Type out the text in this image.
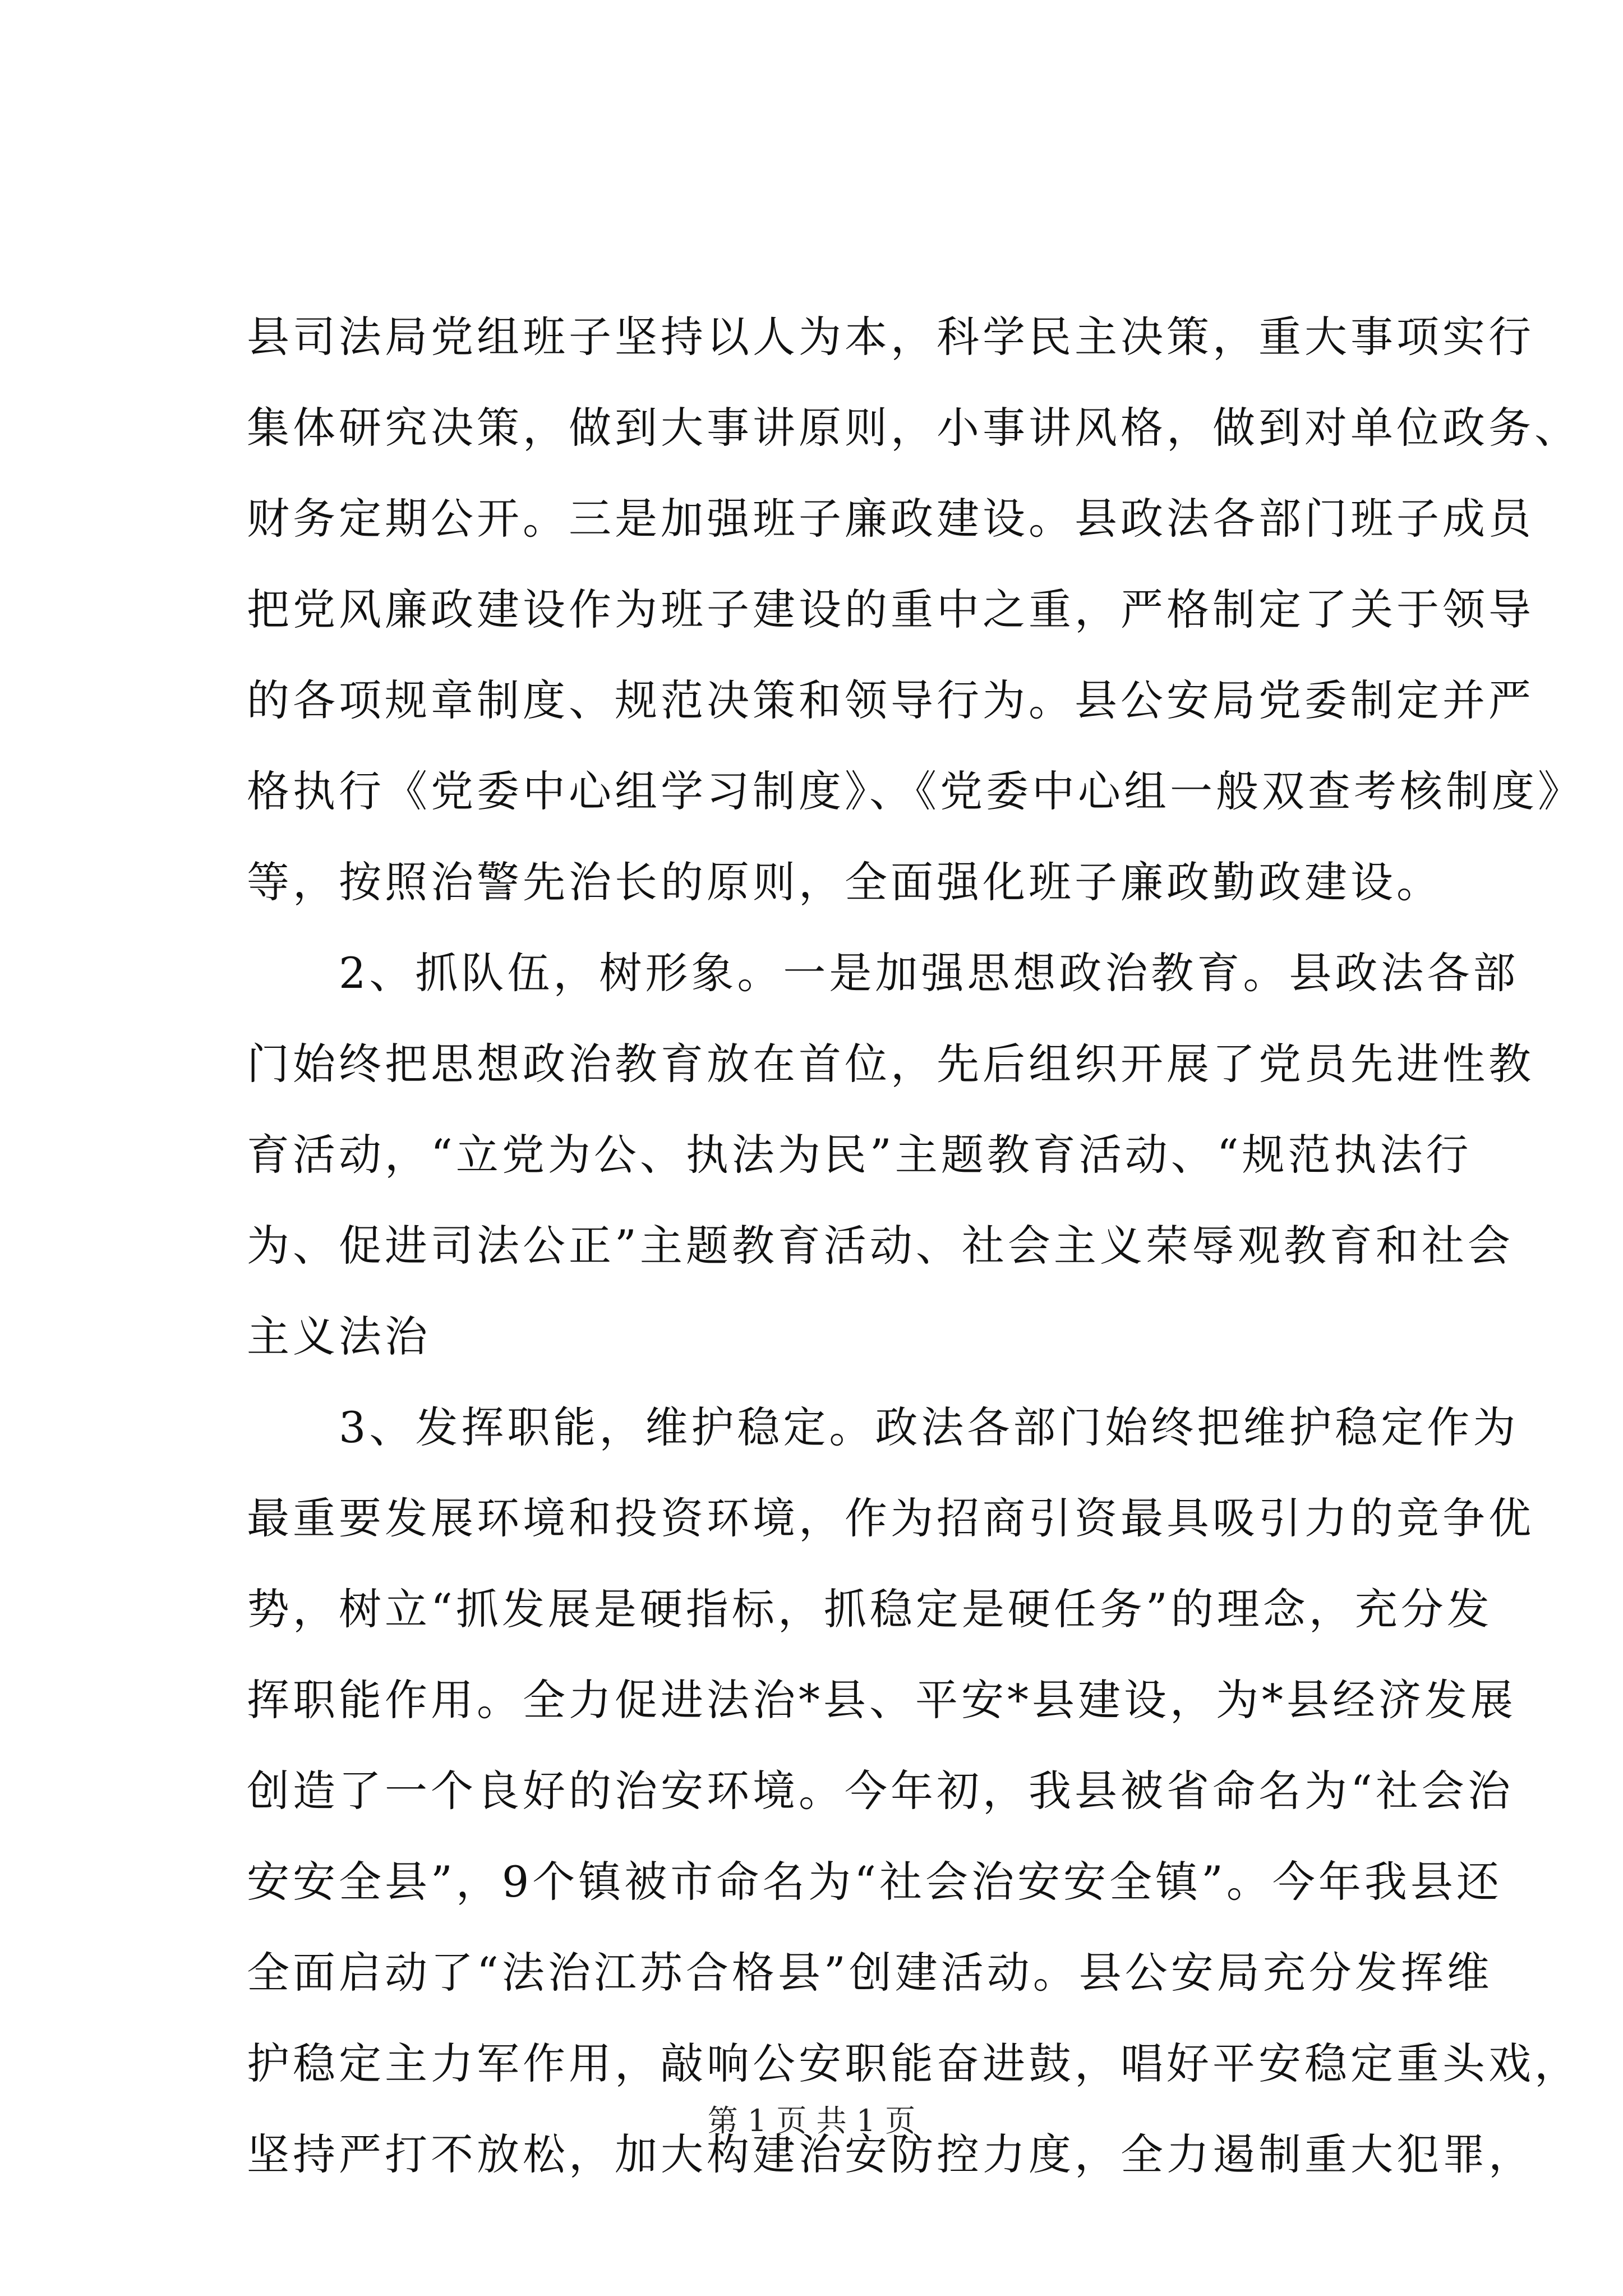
县司法局党组班子坚持以人为本，科学民主决策，重大事项实行
集体研究决策，做到大事讲原则，小事讲风格，做到对单位政务、
财务定期公开。三是加强班子廉政建设。县政法各部门班子成员
把党风廉政建设作为班子建设的重中之重，严格制定了关于领导
的各项规章制度、规范决策和领导行为。县公安局党委制定并严
格执行《党委中心组学习制度》、《党委中心组一般双查考核制度》
等，按照治警先治长的原则，全面强化班子廉政勤政建设。
2、抓队伍，树形象。一是加强思想政治教育。县政法各部
门始终把思想政治教育放在首位，先后组织开展了党员先进性教
育活动，“立党为公、执法为民”主题教育活动、“规范执法行
为、促进司法公正”主题教育活动、社会主义荣辱观教育和社会
主义法治
3、发挥职能，维护稳定。政法各部门始终把维护稳定作为
最重要发展环境和投资环境，作为招商引资最具吸引力的竞争优
势，树立“抓发展是硬指标，抓稳定是硬任务”的理念，充分发
挥职能作用。全力促进法治*县、平安*县建设，为*县经济发展
创造了一个良好的治安环境。今年初，我县被省命名为“社会治
安安全县”，9个镇被市命名为“社会治安安全镇”。今年我县还
全面启动了“法治江苏合格县”创建活动。县公安局充分发挥维
护稳定主力军作用，敲响公安职能奋进鼓，唱好平安稳定重头戏，
坚持严打不放松，加大构建治安防控力度，全力遏制重大犯罪，
第 1 页 共 1 页
